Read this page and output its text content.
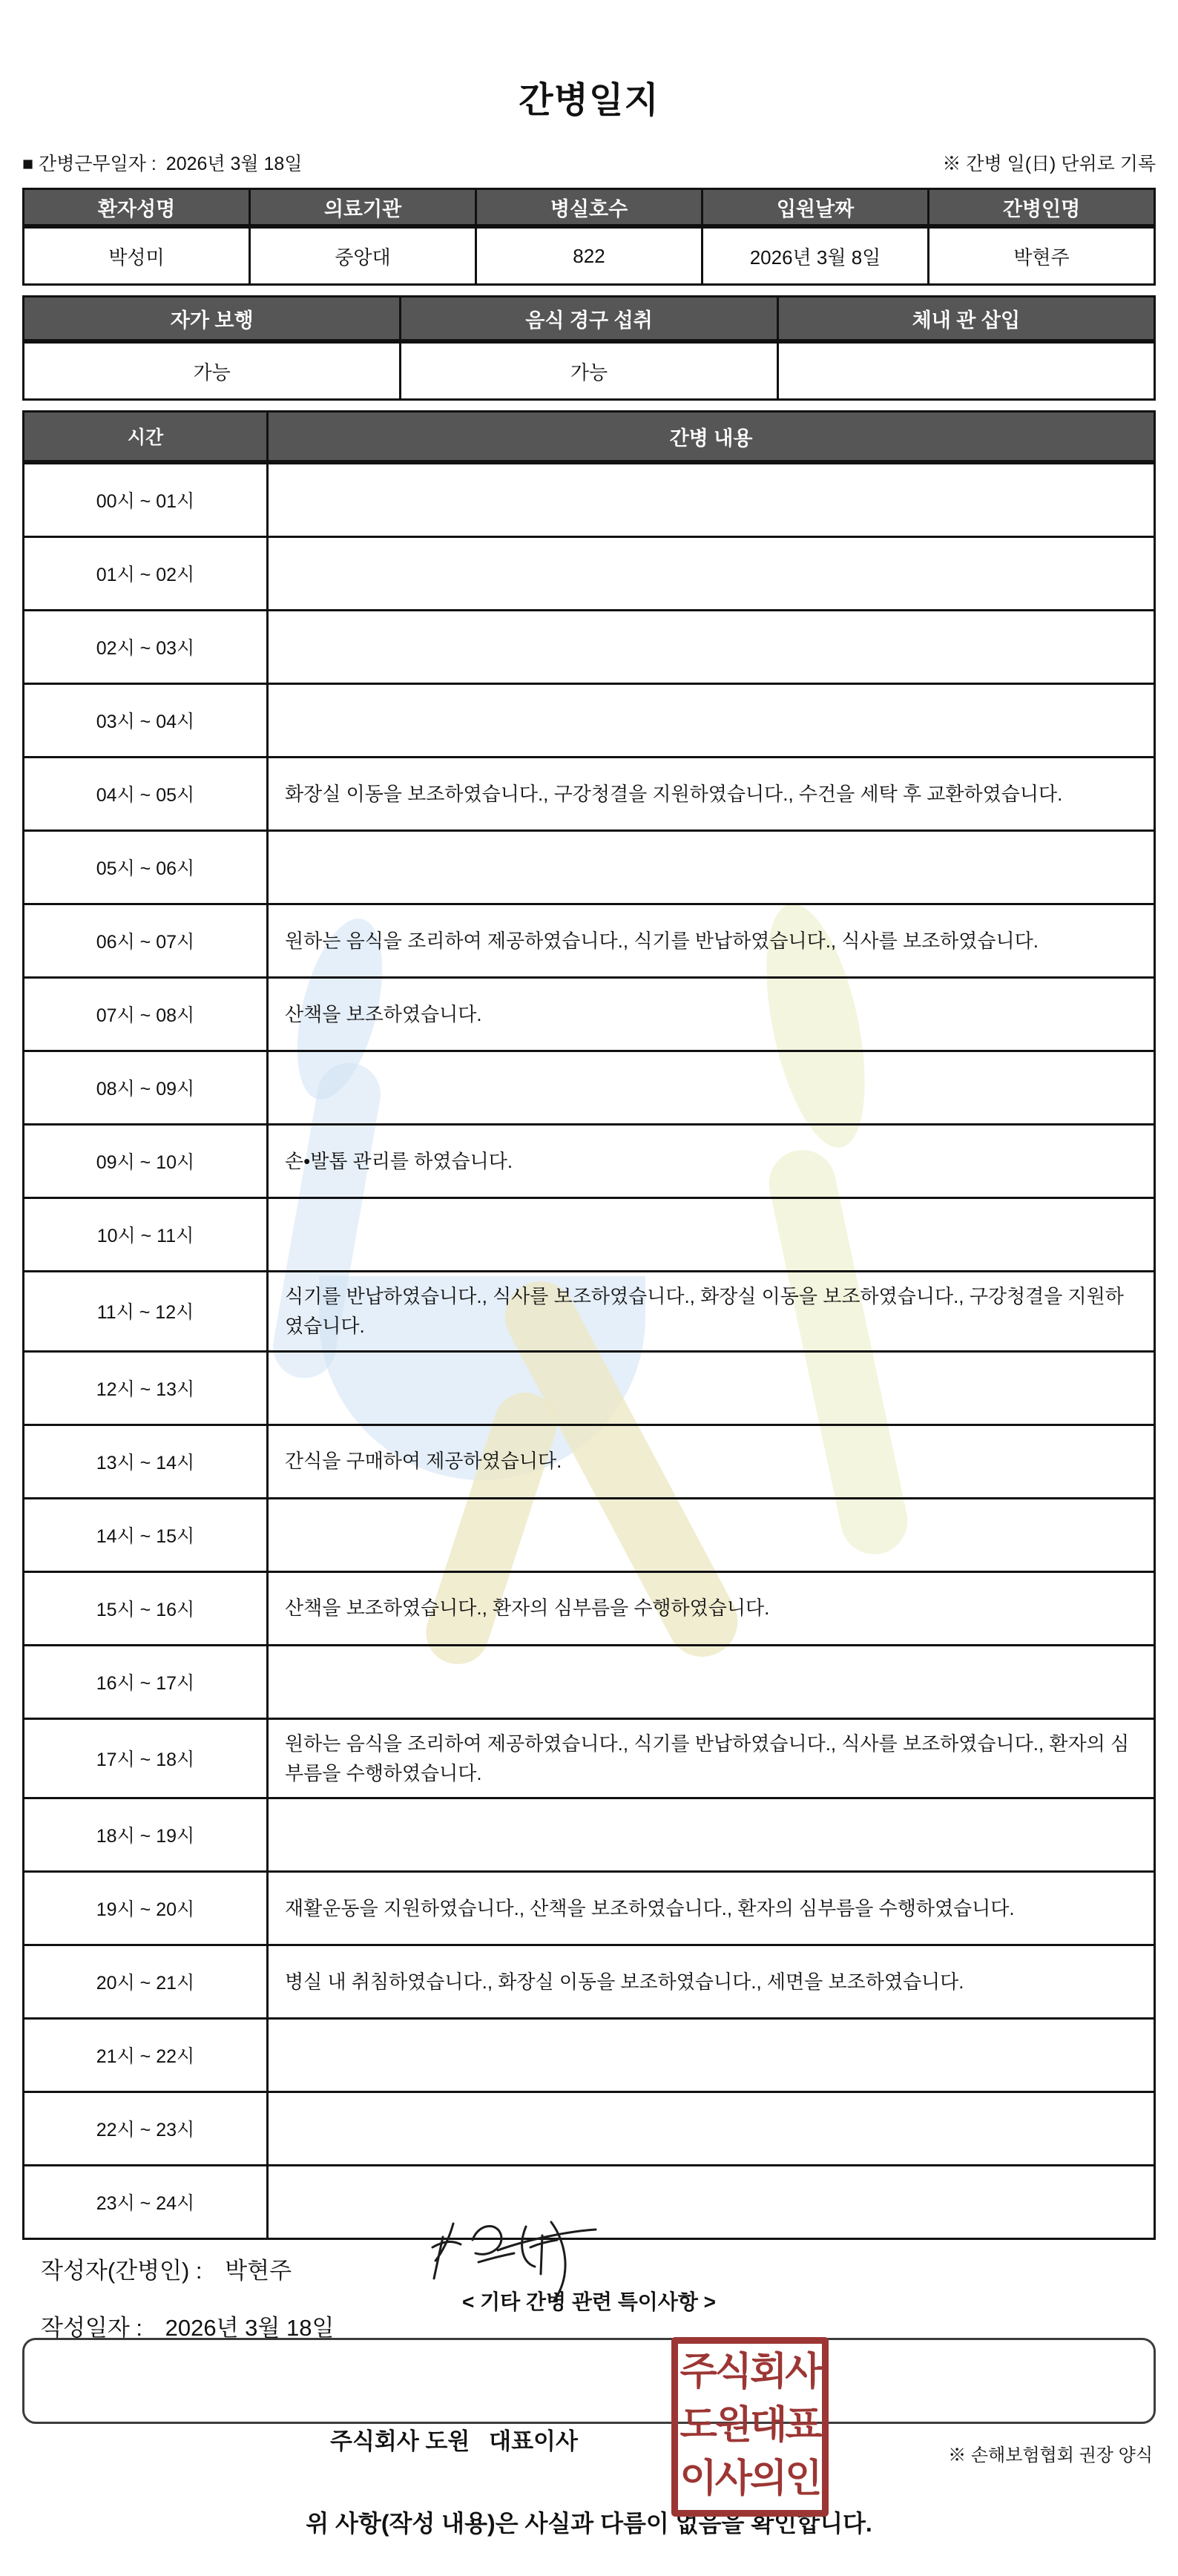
간병일지
■ 간병근무일자 : 2026년 3월 18일	※ 간병 일(日) 단위로 기록
환자성명	의료기관	병실호수	입원날짜	간병인명
박성미	중앙대	822	2026년 3월 8일	박현주
자가 보행	음식 경구 섭취	체내 관 삽입
가능	가능	
시간	간병 내용
00시 ~ 01시	
01시 ~ 02시	
02시 ~ 03시	
03시 ~ 04시	
04시 ~ 05시	화장실 이동을 보조하였습니다., 구강청결을 지원하였습니다., 수건을 세탁 후 교환하였습니다.
05시 ~ 06시	
06시 ~ 07시	원하는 음식을 조리하여 제공하였습니다., 식기를 반납하였습니다., 식사를 보조하였습니다.
07시 ~ 08시	산책을 보조하였습니다.
08시 ~ 09시	
09시 ~ 10시	손•발톱 관리를 하였습니다.
10시 ~ 11시	
11시 ~ 12시	식기를 반납하였습니다., 식사를 보조하였습니다., 화장실 이동을 보조하였습니다., 구강청결을 지원하였습니다.
12시 ~ 13시	
13시 ~ 14시	간식을 구매하여 제공하였습니다.
14시 ~ 15시	
15시 ~ 16시	산책을 보조하였습니다., 환자의 심부름을 수행하였습니다.
16시 ~ 17시	
17시 ~ 18시	원하는 음식을 조리하여 제공하였습니다., 식기를 반납하였습니다., 식사를 보조하였습니다., 환자의 심부름을 수행하였습니다.
18시 ~ 19시	
19시 ~ 20시	재활운동을 지원하였습니다., 산책을 보조하였습니다., 환자의 심부름을 수행하였습니다.
20시 ~ 21시	병실 내 취침하였습니다., 화장실 이동을 보조하였습니다., 세면을 보조하였습니다.
21시 ~ 22시	
22시 ~ 23시	
23시 ~ 24시	
< 기타 간병 관련 특이사항 >
※ 손해보험협회 권장 양식
위 사항(작성 내용)은 사실과 다름이 없음을 확인합니다.
작성자(간병인) : 박현주
작성일자 : 2026년 3월 18일
주식회사 도원   대표이사
주식회사
도원대표
이사의인
